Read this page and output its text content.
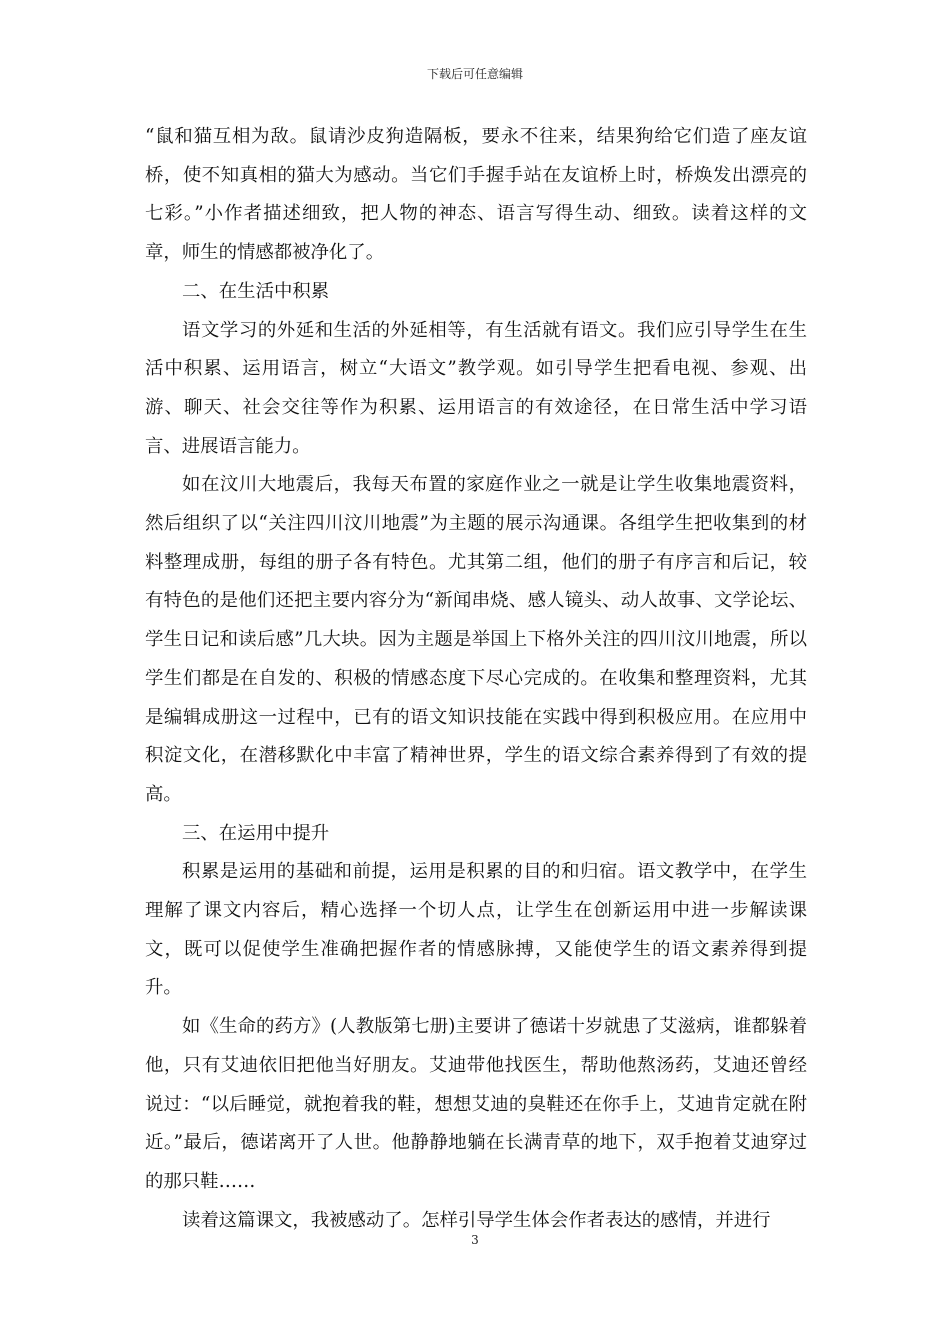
下载后可任意编辑

“鼠和猫互相为敌。鼠请沙皮狗造隔板，要永不往来，结果狗给它们造了座友谊桥，使不知真相的猫大为感动。当它们手握手站在友谊桥上时，桥焕发出漂亮的七彩。”小作者描述细致，把人物的神态、语言写得生动、细致。读着这样的文章，师生的情感都被净化了。

二、在生活中积累

语文学习的外延和生活的外延相等，有生活就有语文。我们应引导学生在生活中积累、运用语言，树立“大语文”教学观。如引导学生把看电视、参观、出游、聊天、社会交往等作为积累、运用语言的有效途径，在日常生活中学习语言、进展语言能力。

如在汶川大地震后，我每天布置的家庭作业之一就是让学生收集地震资料，然后组织了以“关注四川汶川地震”为主题的展示沟通课。各组学生把收集到的材料整理成册，每组的册子各有特色。尤其第二组，他们的册子有序言和后记，较有特色的是他们还把主要内容分为“新闻串烧、感人镜头、动人故事、文学论坛、学生日记和读后感”几大块。因为主题是举国上下格外关注的四川汶川地震，所以学生们都是在自发的、积极的情感态度下尽心完成的。在收集和整理资料，尤其是编辑成册这一过程中，已有的语文知识技能在实践中得到积极应用。在应用中积淀文化，在潜移默化中丰富了精神世界，学生的语文综合素养得到了有效的提高。

三、在运用中提升

积累是运用的基础和前提，运用是积累的目的和归宿。语文教学中，在学生理解了课文内容后，精心选择一个切人点，让学生在创新运用中进一步解读课文，既可以促使学生准确把握作者的情感脉搏，又能使学生的语文素养得到提升。

如《生命的药方》(人教版第七册)主要讲了德诺十岁就患了艾滋病，谁都躲着他，只有艾迪依旧把他当好朋友。艾迪带他找医生，帮助他熬汤药，艾迪还曾经说过：“以后睡觉，就抱着我的鞋，想想艾迪的臭鞋还在你手上，艾迪肯定就在附近。”最后，德诺离开了人世。他静静地躺在长满青草的地下，双手抱着艾迪穿过的那只鞋……

读着这篇课文，我被感动了。怎样引导学生体会作者表达的感情，并进行

3
